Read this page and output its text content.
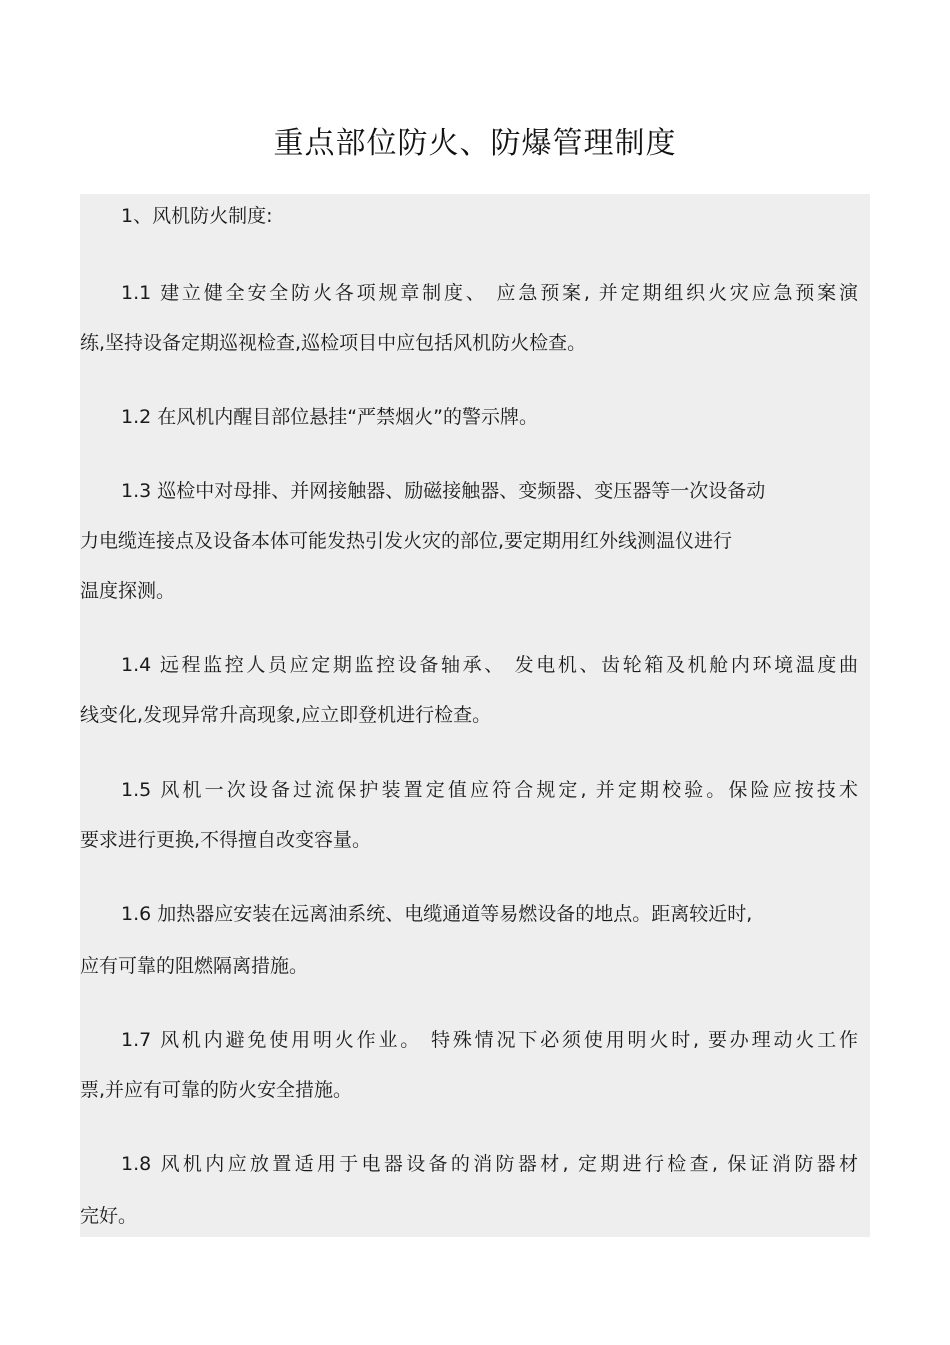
重点部位防火、防爆管理制度
1、风机防火制度:
1.1 建立健全安全防火各项规章制度、 应急预案, 并定期组织火灾应急预案演
练,坚持设备定期巡视检查,巡检项目中应包括风机防火检查。
1.2 在风机内醒目部位悬挂“严禁烟火”的警示牌。
1.3 巡检中对母排、并网接触器、励磁接触器、变频器、变压器等一次设备动
力电缆连接点及设备本体可能发热引发火灾的部位,要定期用红外线测温仪进行
温度探测。
1.4 远程监控人员应定期监控设备轴承、 发电机、齿轮箱及机舱内环境温度曲
线变化,发现异常升高现象,应立即登机进行检查。
1.5 风机一次设备过流保护装置定值应符合规定, 并定期校验。保险应按技术
要求进行更换,不得擅自改变容量。
1.6 加热器应安装在远离油系统、电缆通道等易燃设备的地点。距离较近时,
应有可靠的阻燃隔离措施。
1.7 风机内避免使用明火作业。 特殊情况下必须使用明火时, 要办理动火工作
票,并应有可靠的防火安全措施。
1.8 风机内应放置适用于电器设备的消防器材, 定期进行检查, 保证消防器材
完好。
